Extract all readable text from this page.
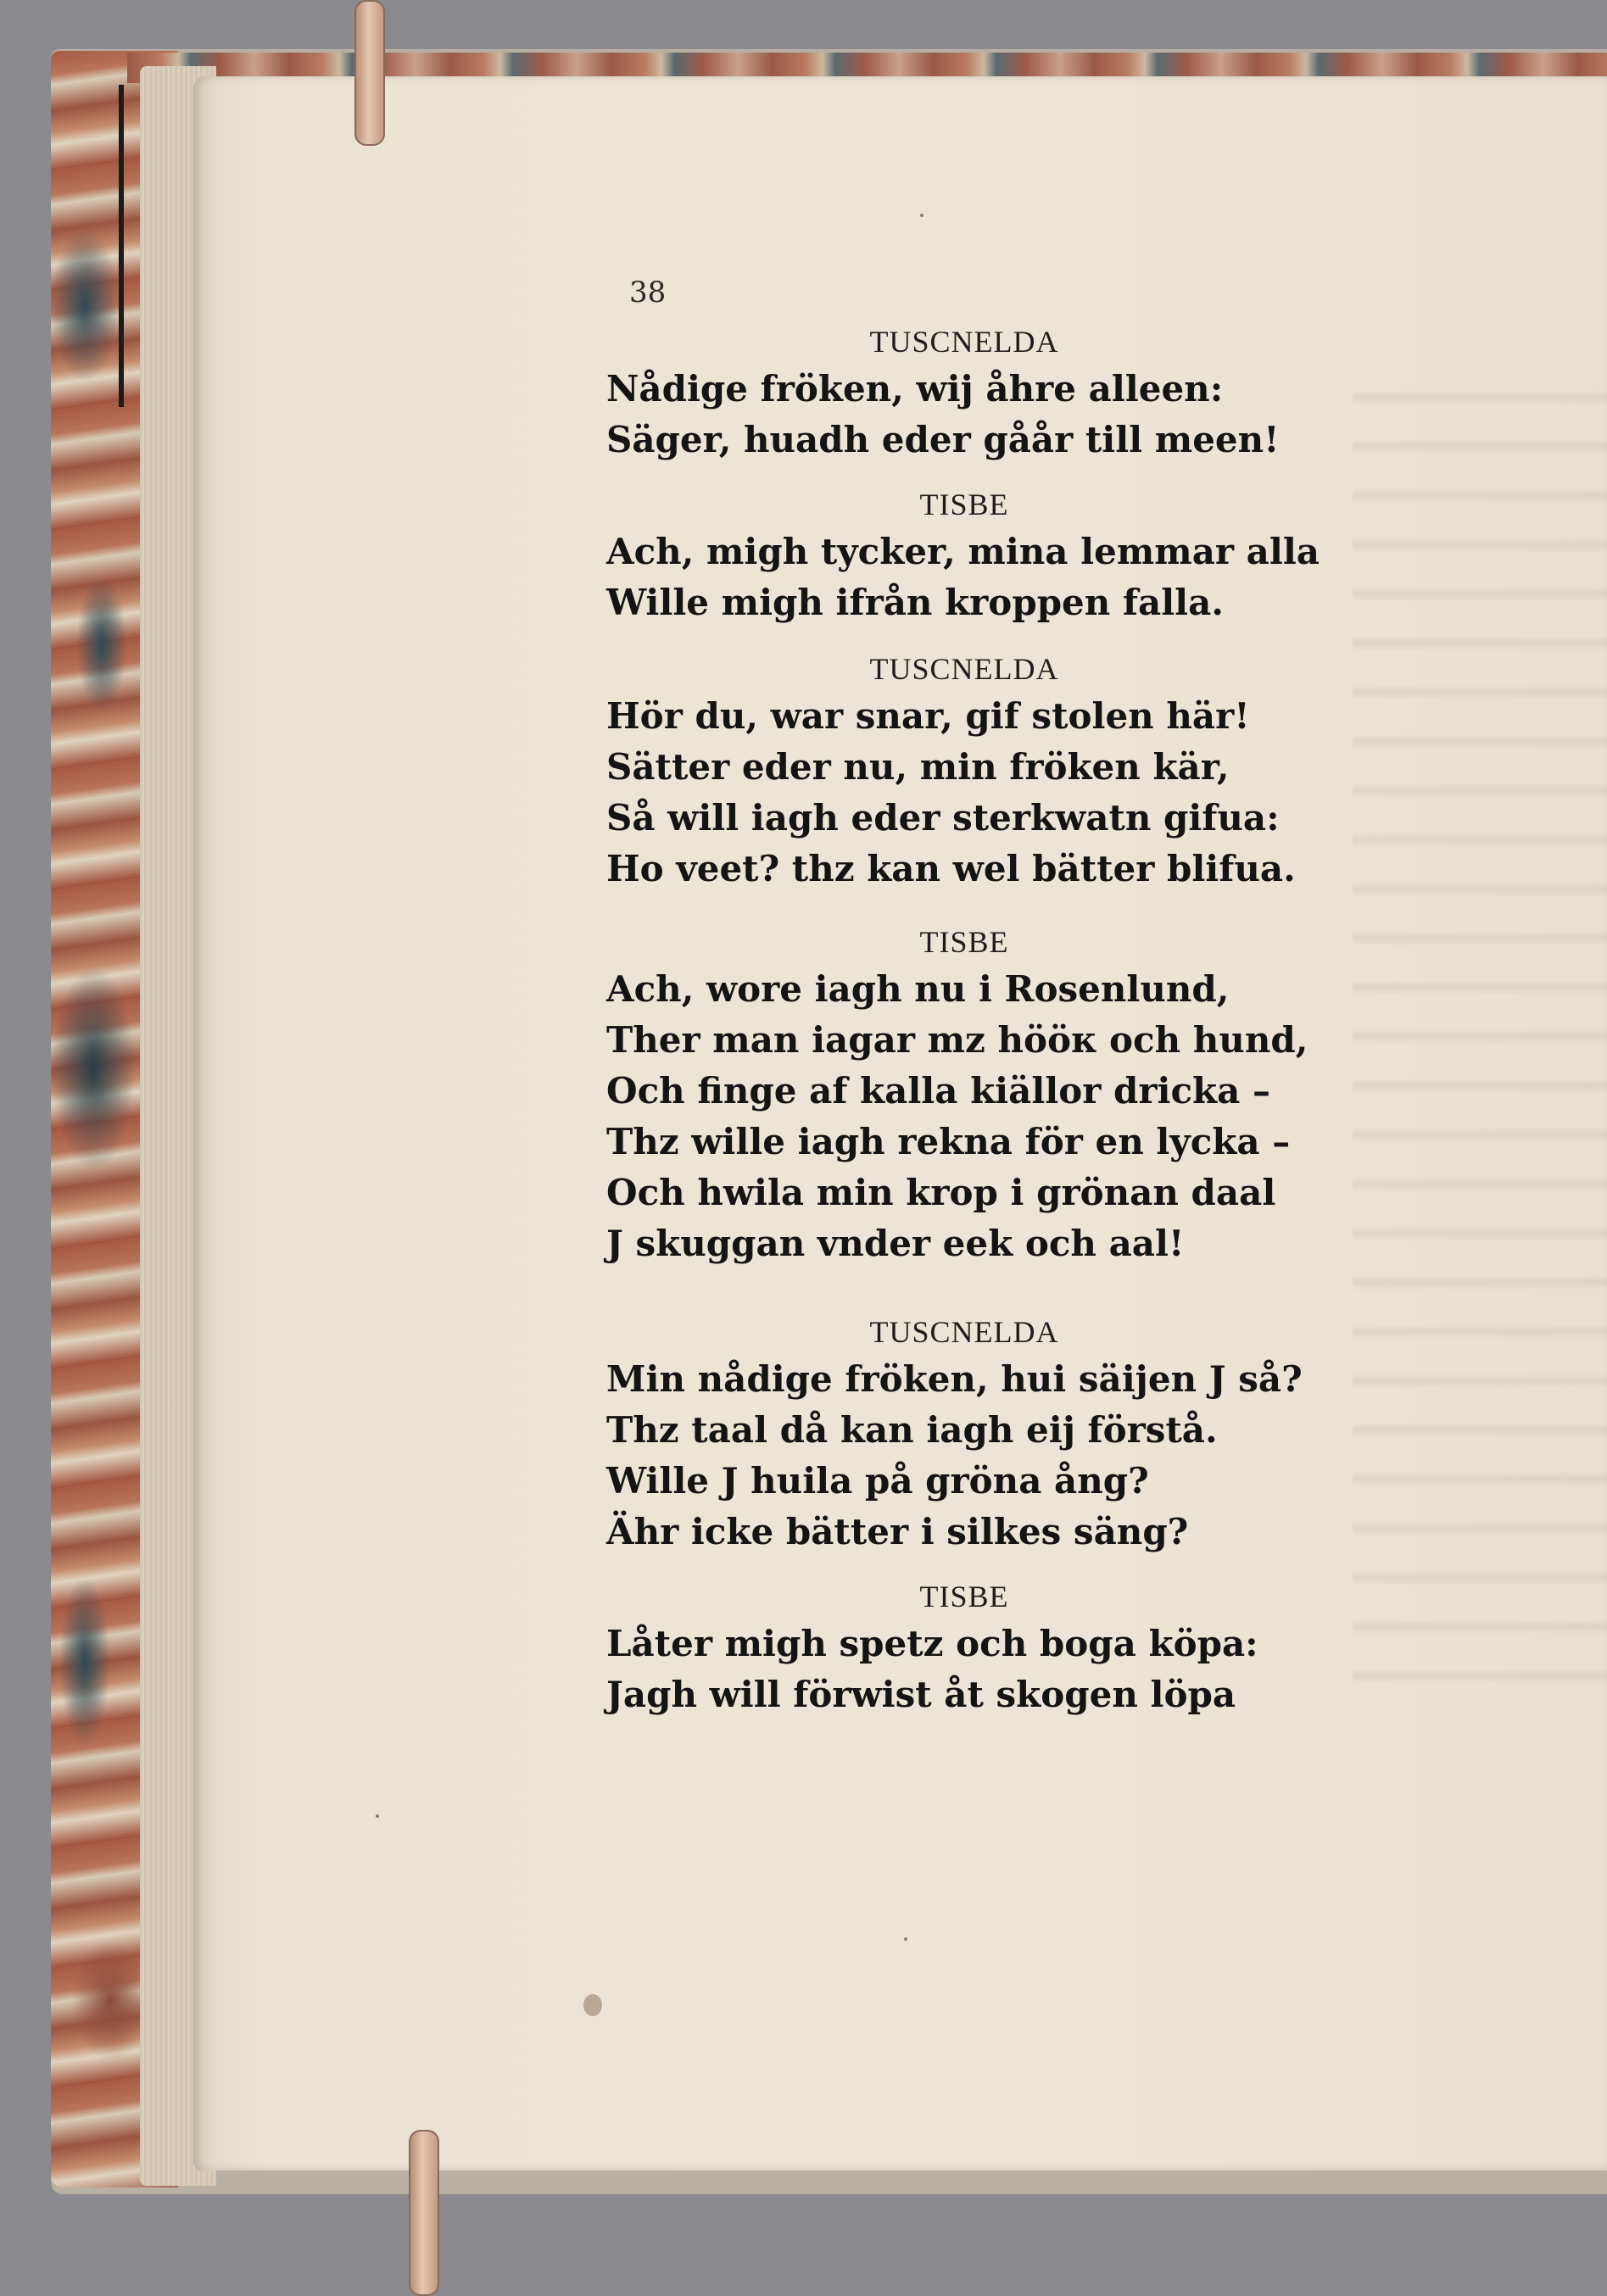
38
TUSCNELDA
Nådige fröken, wij åhre alleen:
Säger, huadh eder gåår till meen!
TISBE
Ach, migh tycker, mina lemmar alla
Wille migh ifrån kroppen falla.
TUSCNELDA
Hör du, war snar, gif stolen här!
Sätter eder nu, min fröken kär,
Så will iagh eder sterkwatn gifua:
Ho veet? thz kan wel bätter blifua.
TISBE
Ach, wore iagh nu i Rosenlund,
Ther man iagar mz hööк och hund,
Och finge af kalla kiällor dricka –
Thz wille iagh rekna för en lycka –
Och hwila min krop i grönan daal
J skuggan vnder eek och aal!
TUSCNELDA
Min nådige fröken, hui säijen J så?
Thz taal då kan iagh eij förstå.
Wille J huila på gröna ång?
Ähr icke bätter i silkes säng?
TISBE
Låter migh spetz och boga köpa:
Jagh will förwist åt skogen löpa
